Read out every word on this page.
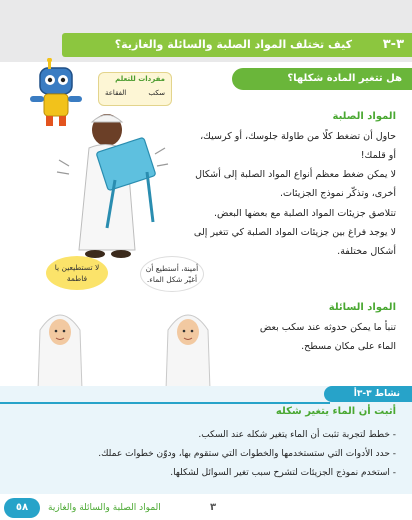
٣-٣
كيف تختلف المواد الصلبة والسائلة والغازية؟
مفردات للتعلم
سكب
الفقاعة
هل تتغير المادة شكلها؟
المواد الصلبة
حاول أن تضغط كلًا من طاولة جلوسك، أو كرسيك،
أو قلمك!
لا يمكن ضغط معظم أنواع المواد الصلبة إلى أشكال
أخرى، وتذكّر نموذج الجزيئات.
تتلاصق جزيئات المواد الصلبة مع بعضها البعض.
لا يوجد فراغ بين جزيئات المواد الصلبة كي تتغير إلى
أشكال مختلفة.
المواد السائلة
تنبأ ما يمكن حدوثه عند سكب بعض
الماء على مكان مسطح.
لا تستطيعين يا فاطمة
أمينة، أستطيع أن أغيّر شكل الماء.
نشاط ٣-٣أ
أثبت أن الماء يتغير شكله
- خطط لتجربة تثبت أن الماء يتغير شكله عند السكب.
- حدد الأدوات التي ستستخدمها والخطوات التي ستقوم بها، ودوّن خطوات عملك.
- استخدم نموذج الجزيئات لتشرح سبب تغير السوائل لشكلها.
٥٨	٣
المواد الصلبة والسائلة والغازية
